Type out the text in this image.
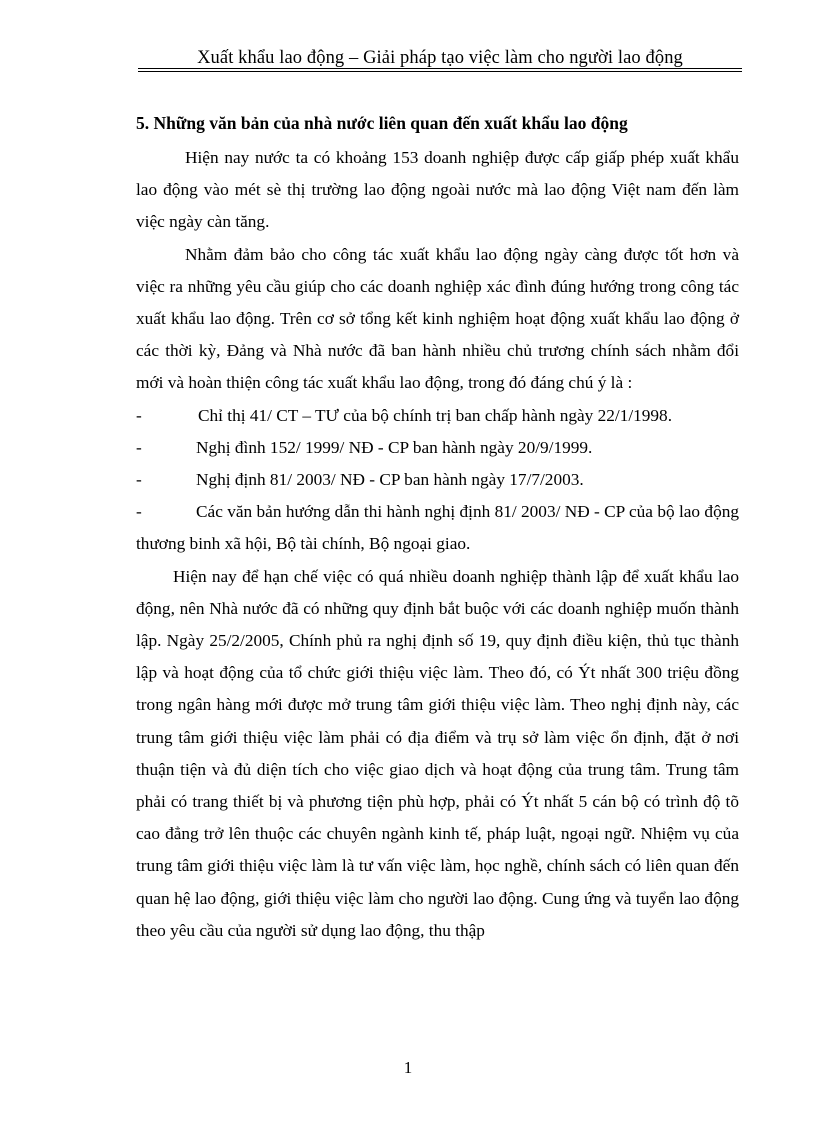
Xuất khẩu lao động – Giải pháp tạo việc làm cho người lao động
5. Những văn bản của nhà nước liên quan đến xuất khẩu lao động

Hiện nay nước ta có khoảng 153 doanh nghiệp được cấp giấp phép xuất khẩu lao động vào mét sè thị trường lao động ngoài nước mà lao động Việt nam đến làm việc ngày càn tăng.

Nhằm đảm bảo cho công tác xuất khẩu lao động ngày càng được tốt hơn và việc ra những yêu cầu giúp cho các doanh nghiệp xác đình đúng hướng trong công tác xuất khẩu lao động. Trên cơ sở tổng kết kinh nghiệm hoạt động xuất khẩu lao động ở các thời kỳ, Đảng và Nhà nước đã ban hành nhiều chủ trương chính sách nhằm đổi mới và hoàn thiện công tác xuất khẩu lao động, trong đó đáng chú ý là :

-	Chỉ thị 41/ CT – TƯ của bộ chính trị ban chấp hành ngày 22/1/1998.
-	Nghị đình 152/ 1999/ NĐ - CP ban hành ngày 20/9/1999.
-	Nghị định 81/ 2003/ NĐ - CP ban hành ngày 17/7/2003.
-	Các văn bản hướng dẫn thi hành nghị định 81/ 2003/ NĐ - CP của bộ lao động thương binh xã hội, Bộ tài chính, Bộ ngoại giao.

Hiện nay để hạn chế việc có quá nhiều doanh nghiệp thành lập để xuất khẩu lao động, nên Nhà nước đã có những quy định bắt buộc với các doanh nghiệp muốn thành lập. Ngày 25/2/2005, Chính phủ ra nghị định số 19, quy định điều kiện, thủ tục thành lập và hoạt động của tổ chức giới thiệu việc làm. Theo đó, có Ýt nhất 300 triệu đồng trong ngân hàng mới được mở trung tâm giới thiệu việc làm. Theo nghị định này, các trung tâm giới thiệu việc làm phải có địa điểm và trụ sở làm việc ổn định, đặt ở nơi thuận tiện và đủ diện tích cho việc giao dịch và hoạt động của trung tâm. Trung tâm phải có trang thiết bị và phương tiện phù hợp, phải có Ýt nhất 5 cán bộ có trình độ tõ cao đẳng trở lên thuộc các chuyên ngành kinh tế, pháp luật, ngoại ngữ. Nhiệm vụ của trung tâm giới thiệu việc làm là tư vấn việc làm, học nghề, chính sách có liên quan đến quan hệ lao động, giới thiệu việc làm cho người lao động. Cung ứng và tuyển lao động theo yêu cầu của người sử dụng lao động, thu thập

1
